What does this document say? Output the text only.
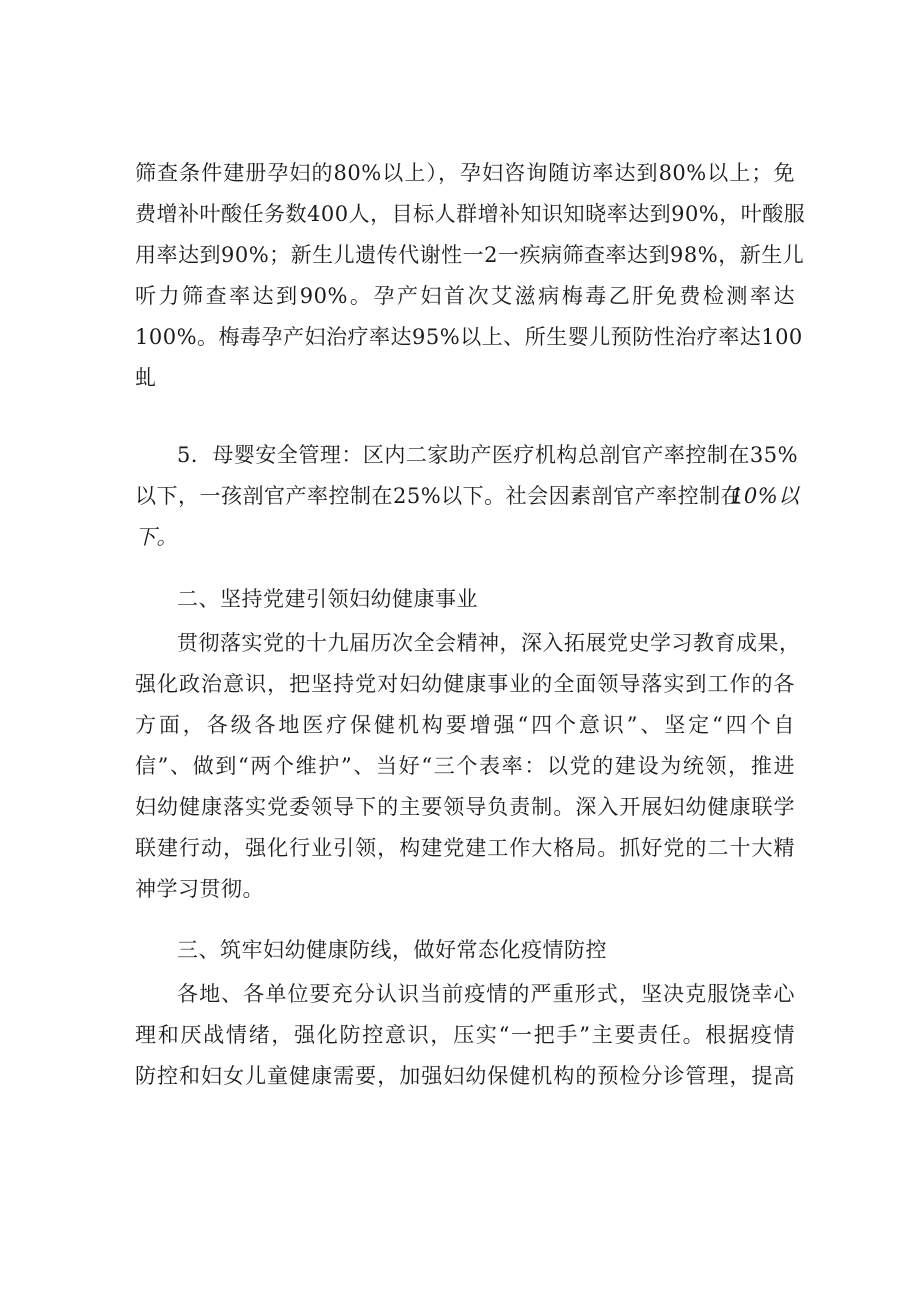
筛查条件建册孕妇的80%以上），孕妇咨询随访率达到80%以上；免
费增补叶酸任务数400人，目标人群增补知识知晓率达到90%，叶酸服
用率达到90%；新生儿遗传代谢性一2一疾病筛查率达到98%，新生儿
听力筛查率达到90%。孕产妇首次艾滋病梅毒乙肝免费检测率达
100%。梅毒孕产妇治疗率达95%以上、所生婴儿预防性治疗率达100
虬
5．母婴安全管理：区内二家助产医疗机构总剖官产率控制在35%
以下，一孩剖官产率控制在25%以下。社会因素剖官产率控制在
10%以
下。
二、坚持党建引领妇幼健康事业
贯彻落实党的十九届历次全会精神，深入拓展党史学习教育成果，
强化政治意识，把坚持党对妇幼健康事业的全面领导落实到工作的各
方面，各级各地医疗保健机构要增强“四个意识”、坚定“四个自
信”、做到“两个维护”、当好“三个表率：以党的建设为统领，推进
妇幼健康落实党委领导下的主要领导负责制。深入开展妇幼健康联学
联建行动，强化行业引领，构建党建工作大格局。抓好党的二十大精
神学习贯彻。
三、筑牢妇幼健康防线，做好常态化疫情防控
各地、各单位要充分认识当前疫情的严重形式，坚决克服饶幸心
理和厌战情绪，强化防控意识，压实“一把手”主要责任。根据疫情
防控和妇女儿童健康需要，加强妇幼保健机构的预检分诊管理，提高
